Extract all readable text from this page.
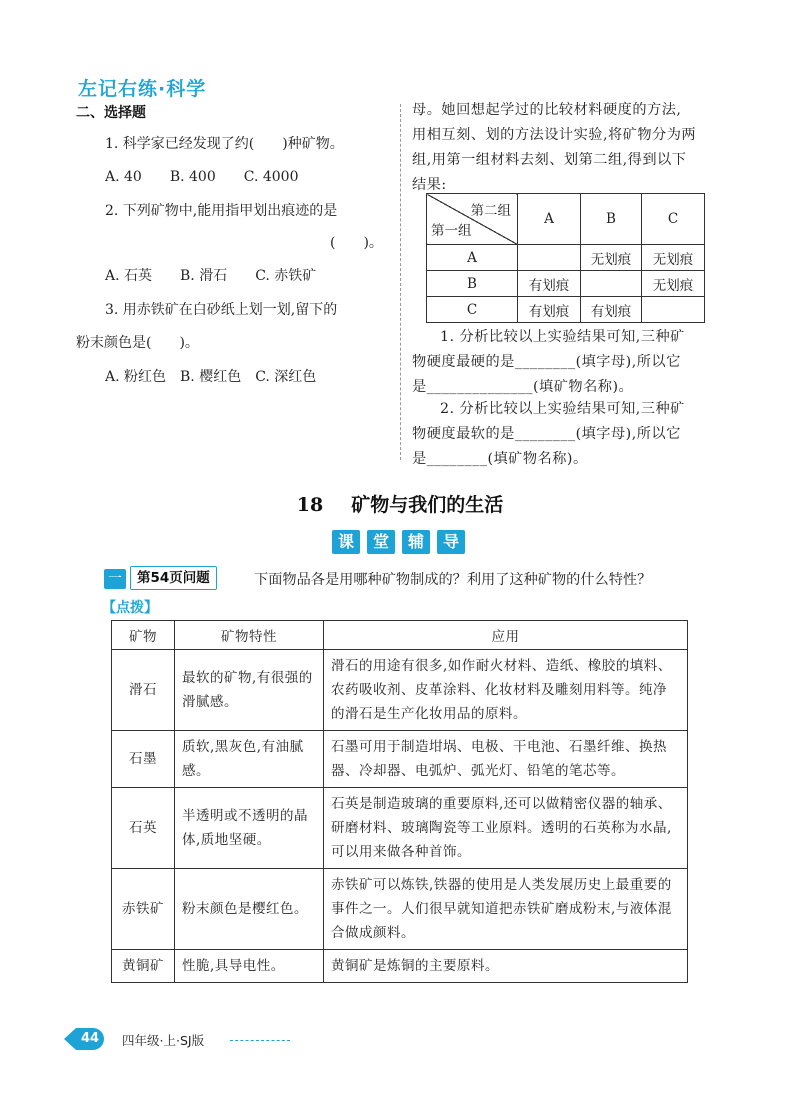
左记右练·科学
二、选择题
1. 科学家已经发现了约(　　)种矿物。
A. 40　　B. 400　　C. 4000
2. 下列矿物中,能用指甲划出痕迹的是
(　　)。
A. 石英　　B. 滑石　　C. 赤铁矿
3. 用赤铁矿在白砂纸上划一划,留下的
粉末颜色是(　　)。
A. 粉红色　B. 樱红色　C. 深红色
母。她回想起学过的比较材料硬度的方法,
用相互刻、划的方法设计实验,将矿物分为两
组,用第一组材料去刻、划第二组,得到以下
结果:
第二组
第一组	A	B	C
A		无划痕	无划痕
B	有划痕		无划痕
C	有划痕	有划痕	
1. 分析比较以上实验结果可知,三种矿
物硬度最硬的是________(填字母),所以它
是______________(填矿物名称)。
2. 分析比较以上实验结果可知,三种矿
物硬度最软的是________(填字母),所以它
是________(填矿物名称)。
18 矿物与我们的生活
课	堂	辅	导
一	第54页问题	下面物品各是用哪种矿物制成的？利用了这种矿物的什么特性？
【点拨】
矿物	矿物特性	应用
滑石	最软的矿物,有很强的滑腻感。	滑石的用途有很多,如作耐火材料、造纸、橡胶的填料、农药吸收剂、皮革涂料、化妆材料及雕刻用料等。纯净的滑石是生产化妆用品的原料。
石墨	质软,黑灰色,有油腻感。	石墨可用于制造坩埚、电极、干电池、石墨纤维、换热器、冷却器、电弧炉、弧光灯、铅笔的笔芯等。
石英	半透明或不透明的晶体,质地坚硬。	石英是制造玻璃的重要原料,还可以做精密仪器的轴承、研磨材料、玻璃陶瓷等工业原料。透明的石英称为水晶,可以用来做各种首饰。
赤铁矿	粉末颜色是樱红色。	赤铁矿可以炼铁,铁器的使用是人类发展历史上最重要的事件之一。人们很早就知道把赤铁矿磨成粉末,与液体混合做成颜料。
黄铜矿	性脆,具导电性。	黄铜矿是炼铜的主要原料。
44	四年级·上·SJ版
